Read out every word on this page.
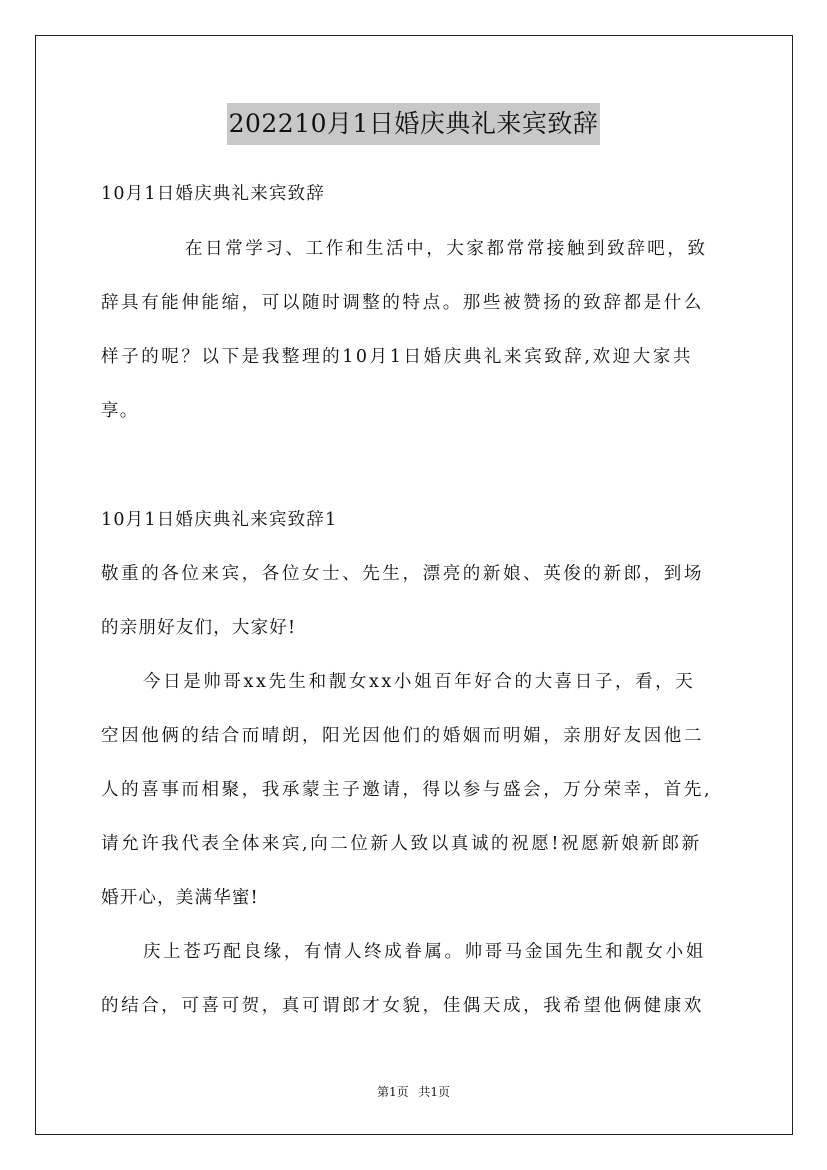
202210月1日婚庆典礼来宾致辞

10月1日婚庆典礼来宾致辞

在日常学习、工作和生活中，大家都常常接触到致辞吧，致

辞具有能伸能缩，可以随时调整的特点。那些被赞扬的致辞都是什么

样子的呢？以下是我整理的10月1日婚庆典礼来宾致辞,欢迎大家共

享。

10月1日婚庆典礼来宾致辞1

敬重的各位来宾，各位女士、先生，漂亮的新娘、英俊的新郎，到场

的亲朋好友们，大家好!

今日是帅哥xx先生和靓女xx小姐百年好合的大喜日子，看，天

空因他俩的结合而晴朗，阳光因他们的婚姻而明媚，亲朋好友因他二

人的喜事而相聚，我承蒙主子邀请，得以参与盛会，万分荣幸，首先,

请允许我代表全体来宾,向二位新人致以真诚的祝愿!祝愿新娘新郎新

婚开心，美满华蜜!

庆上苍巧配良缘，有情人终成眷属。帅哥马金国先生和靓女小姐

的结合，可喜可贺，真可谓郎才女貌，佳偶天成，我希望他俩健康欢

第1页 共1页
